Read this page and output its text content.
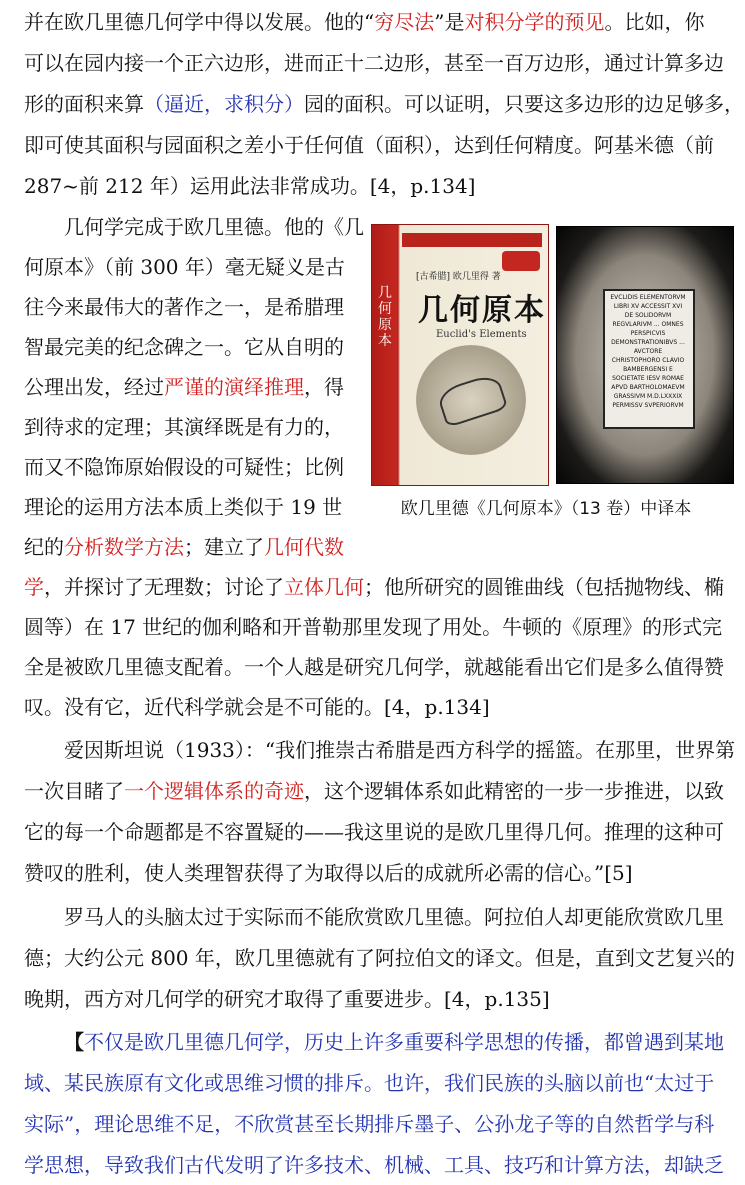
并在欧几里德几何学中得以发展。他的“穷尽法”是对积分学的预见。比如，你
可以在园内接一个正六边形，进而正十二边形，甚至一百万边形，通过计算多边
形的面积来算（逼近，求积分）园的面积。可以证明，只要这多边形的边足够多，
即可使其面积与园面积之差小于任何值（面积），达到任何精度。阿基米德（前
287~前 212 年）运用此法非常成功。[4，p.134]
几何学完成于欧几里德。他的《几
何原本》（前 300 年）毫无疑义是古
往今来最伟大的著作之一，是希腊理
智最完美的纪念碑之一。它从自明的
公理出发，经过严谨的演绎推理，得
到待求的定理；其演绎既是有力的，
而又不隐饰原始假设的可疑性；比例
理论的运用方法本质上类似于 19 世
纪的分析数学方法；建立了几何代数
学，并探讨了无理数；讨论了立体几何；他所研究的圆锥曲线（包括抛物线、椭
圆等）在 17 世纪的伽利略和开普勒那里发现了用处。牛顿的《原理》的形式完
全是被欧几里德支配着。一个人越是研究几何学，就越能看出它们是多么值得赞
叹。没有它，近代科学就会是不可能的。[4，p.134]
几何原本
[古希腊] 欧几里得 著
几何原本
Euclid's Elements
EVCLIDIS ELEMENTORVM LIBRI XV ACCESSIT XVI DE SOLIDORVM REGVLARIVM ... OMNES PERSPICVIS DEMONSTRATIONIBVS ... AVCTORE CHRISTOPHORO CLAVIO BAMBERGENSI E SOCIETATE IESV ROMAE APVD BARTHOLOMAEVM GRASSIVM M.D.LXXXIX PERMISSV SVPERIORVM
欧几里德《几何原本》（13 卷）中译本
爱因斯坦说（1933）：“我们推崇古希腊是西方科学的摇篮。在那里，世界第
一次目睹了一个逻辑体系的奇迹，这个逻辑体系如此精密的一步一步推进，以致
它的每一个命题都是不容置疑的——我这里说的是欧几里得几何。推理的这种可
赞叹的胜利，使人类理智获得了为取得以后的成就所必需的信心。”[5]
罗马人的头脑太过于实际而不能欣赏欧几里德。阿拉伯人却更能欣赏欧几里
德；大约公元 800 年，欧几里德就有了阿拉伯文的译文。但是，直到文艺复兴的
晚期，西方对几何学的研究才取得了重要进步。[4，p.135]
【不仅是欧几里德几何学，历史上许多重要科学思想的传播，都曾遇到某地
域、某民族原有文化或思维习惯的排斥。也许，我们民族的头脑以前也“太过于
实际”，理论思维不足，不欣赏甚至长期排斥墨子、公孙龙子等的自然哲学与科
学思想，导致我们古代发明了许多技术、机械、工具、技巧和计算方法，却缺乏
